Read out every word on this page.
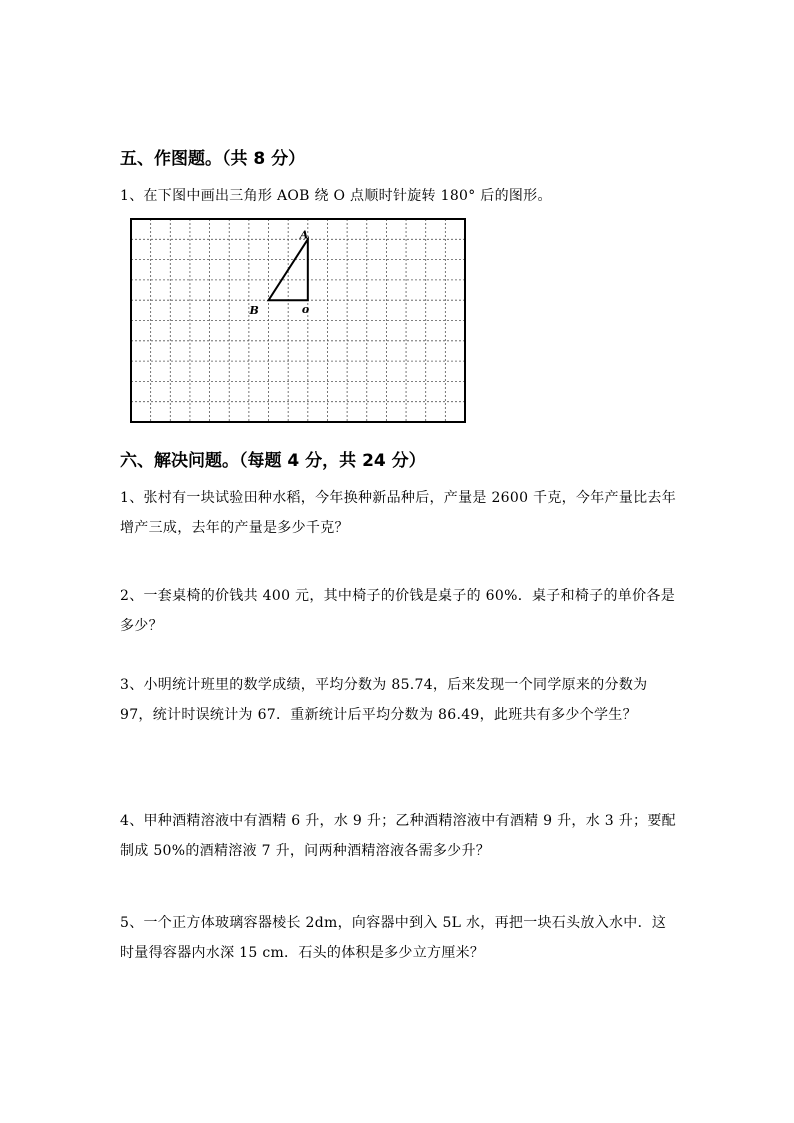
五、作图题。（共 8 分）
1、在下图中画出三角形 AOB 绕 O 点顺时针旋转 180° 后的图形。
A
B	o
六、解决问题。（每题 4 分，共 24 分）
1、张村有一块试验田种水稻，今年换种新品种后，产量是 2600 千克，今年产量比去年增产三成，去年的产量是多少千克？
2、一套桌椅的价钱共 400 元，其中椅子的价钱是桌子的 60%．桌子和椅子的单价各是多少？
3、小明统计班里的数学成绩，平均分数为 85.74，后来发现一个同学原来的分数为 97，统计时误统计为 67．重新统计后平均分数为 86.49，此班共有多少个学生？
4、甲种酒精溶液中有酒精 6 升，水 9 升；乙种酒精溶液中有酒精 9 升，水 3 升；要配制成 50%的酒精溶液 7 升，问两种酒精溶液各需多少升？
5、一个正方体玻璃容器棱长 2dm，向容器中到入 5L 水，再把一块石头放入水中．这时量得容器内水深 15 cm．石头的体积是多少立方厘米？
